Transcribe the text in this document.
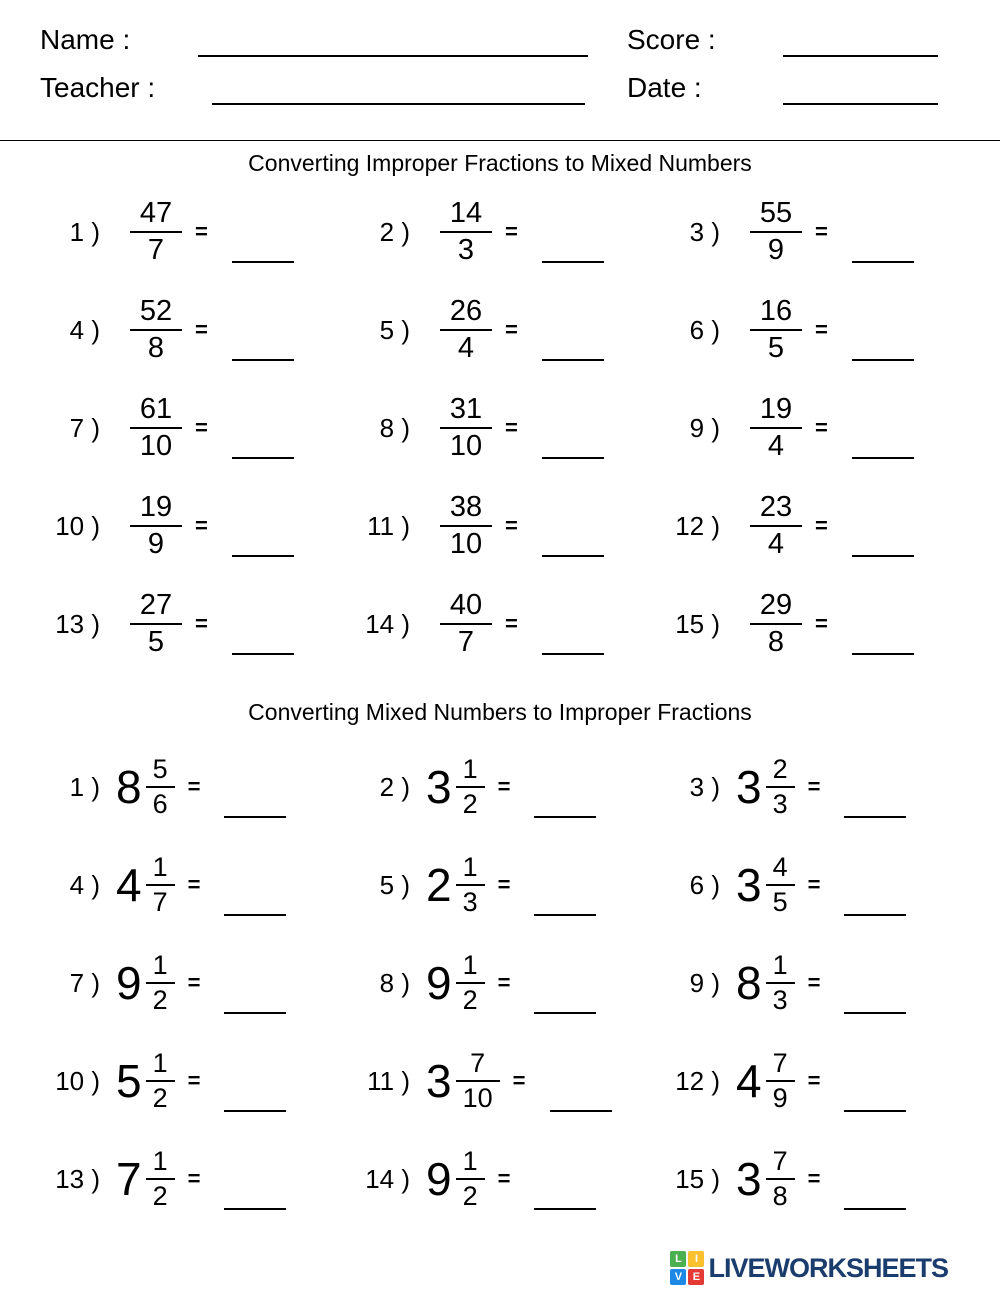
Name :	Score :
Teacher :	Date :
Converting Improper Fractions to Mixed Numbers
1 ) $\frac{47}{7}$ =	2 ) $\frac{14}{3}$ =	3 ) $\frac{55}{9}$ =
4 ) $\frac{52}{8}$ =	5 ) $\frac{26}{4}$ =	6 ) $\frac{16}{5}$ =
7 ) $\frac{61}{10}$ =	8 ) $\frac{31}{10}$ =	9 ) $\frac{19}{4}$ =
10 ) $\frac{19}{9}$ =	11 ) $\frac{38}{10}$ =	12 ) $\frac{23}{4}$ =
13 ) $\frac{27}{5}$ =	14 ) $\frac{40}{7}$ =	15 ) $\frac{29}{8}$ =
Converting Mixed Numbers to Improper Fractions
1 ) $8 \frac{5}{6}$ =	2 ) $3 \frac{1}{2}$ =	3 ) $3 \frac{2}{3}$ =
4 ) $4 \frac{1}{7}$ =	5 ) $2 \frac{1}{3}$ =	6 ) $3 \frac{4}{5}$ =
7 ) $9 \frac{1}{2}$ =	8 ) $9 \frac{1}{2}$ =	9 ) $8 \frac{1}{3}$ =
10 ) $5 \frac{1}{2}$ =	11 ) $3 \frac{7}{10}$ =	12 ) $4 \frac{7}{9}$ =
13 ) $7 \frac{1}{2}$ =	14 ) $9 \frac{1}{2}$ =	15 ) $3 \frac{7}{8}$ =
L	I
V E LIVEWORKSHEETS
